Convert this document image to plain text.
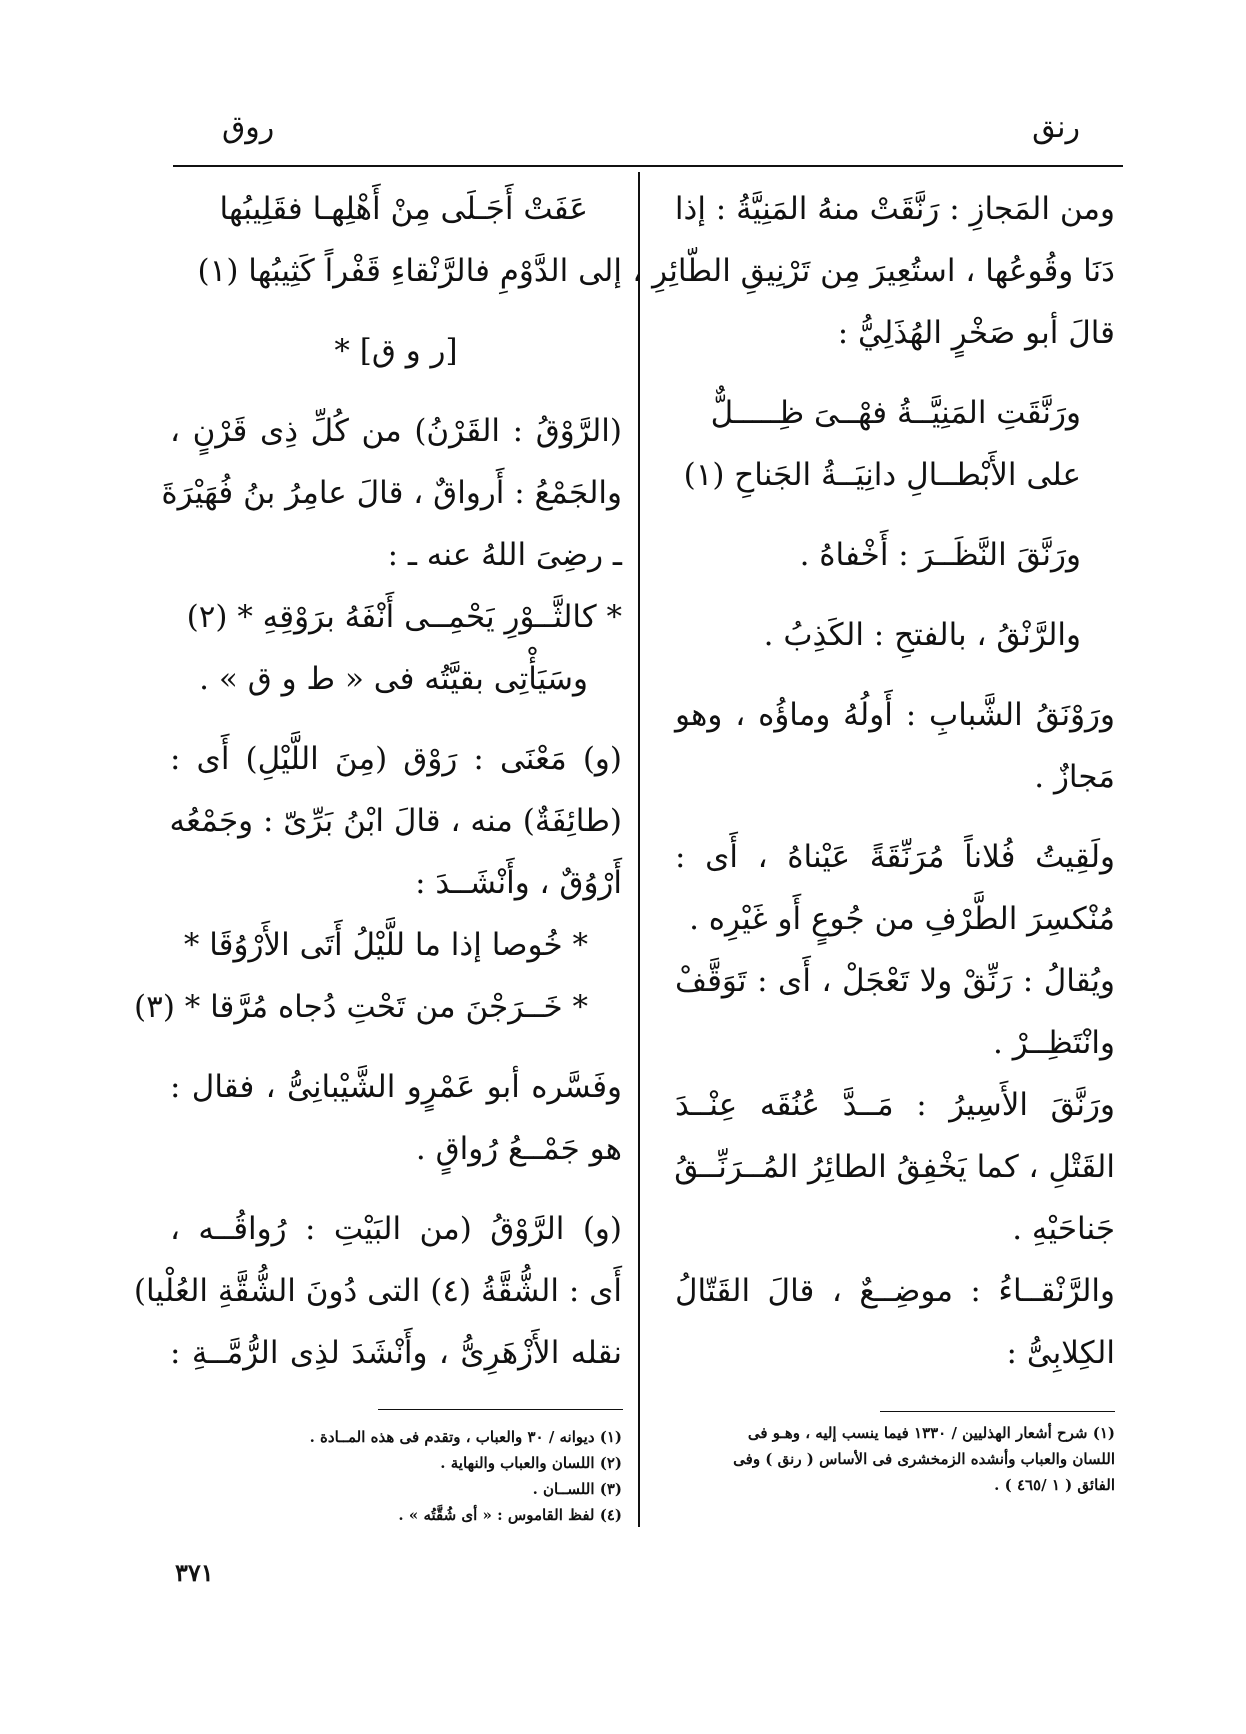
رنق
روق
ومن المَجازِ : رَنَّقَتْ منهُ المَنِيَّةُ : إذا
دَنَا وقُوعُها ، استُعِيرَ مِن تَرْنِيقِ الطّائِرِ ،
قالَ أبو صَخْرٍ الهُذَلِيُّ :
ورَنَّقَتِ المَنِيَّــةُ فهْــىَ ظِـــــلٌّ
على الأَبْطــالِ دانِيَــةُ الجَناحِ (١)
ورَنَّقَ النَّظَــرَ : أَخْفاهُ .
والرَّنْقُ ، بالفتحِ : الكَذِبُ .
ورَوْنَقُ الشَّبابِ : أَولُهُ وماؤُه ، وهو
مَجازٌ .
ولَقِيتُ فُلاناً مُرَنِّقَةً عَيْناهُ ، أَى :
مُنْكسِرَ الطَّرْفِ من جُوعٍ أَو غَيْرِه .
ويُقالُ : رَنِّقْ ولا تَعْجَلْ ، أَى : تَوَقَّفْ
وانْتَظِــرْ .
ورَنَّقَ الأَسِيرُ : مَــدَّ عُنُقَه عِنْــدَ
القَتْلِ ، كما يَخْفِقُ الطائِرُ المُــرَنِّــقُ
جَناحَيْهِ .
والرَّنْقــاءُ : موضِــعٌ ، قالَ القَتّالُ
الكِلابِىُّ :
(١) شرح أشعار الهذليين / ١٣٣٠ فيما ينسب إليه ، وهـو فى
اللسان والعباب وأنشده الزمخشرى فى الأساس ( رنق ) وفى
الفائق ( ١ /٤٦٥ ) .
عَفَتْ أَجَـلَى مِنْ أَهْلِهـا فقَلِيبُها
إلى الدَّوْمِ فالرَّنْقاءِ قَفْراً كَثِيبُها (١)
[ر و ق] *
(الرَّوْقُ : القَرْنُ) من كُلِّ ذِى قَرْنٍ ،
والجَمْعُ : أَرواقٌ ، قالَ عامِرُ بنُ فُهَيْرَةَ
ـ رضِىَ اللهُ عنه ـ :
* كالثَّــوْرِ يَحْمِــى أَنْفَهُ برَوْقِهِ * (٢)
وسَيَأْتِى بقيَّتُه فى « ط و ق » .
(و) مَعْنَى : رَوْق (مِنَ اللَّيْلِ) أَى :
(طائِفَةٌ) منه ، قالَ ابْنُ بَرِّىّ : وجَمْعُه
أَرْوُقٌ ، وأَنْشَــدَ :
* خُوصا إذا ما للَّيْلُ أَتَى الأَرْوُقَا *
* خَــرَجْنَ من تَحْتِ دُجاه مُرَّقا * (٣)
وفَسَّره أبو عَمْرٍو الشَّيْبانِىُّ ، فقال :
هو جَمْــعُ رُواقٍ .
(و) الرَّوْقُ (من البَيْتِ : رُواقُــه ،
أَى : الشُّقَّةُ (٤) التى دُونَ الشُّقَّةِ العُلْيا)
نقله الأَزْهَرِىُّ ، وأَنْشَدَ لذِى الرُّمَّــةِ :
(١) ديوانه / ٣٠ والعباب ، وتقدم فى هذه المــادة .
(٢) اللسان والعباب والنهاية .
(٣) اللســان .
(٤) لفظ القاموس : « أى شُقَّتُه » .
٣٧١
